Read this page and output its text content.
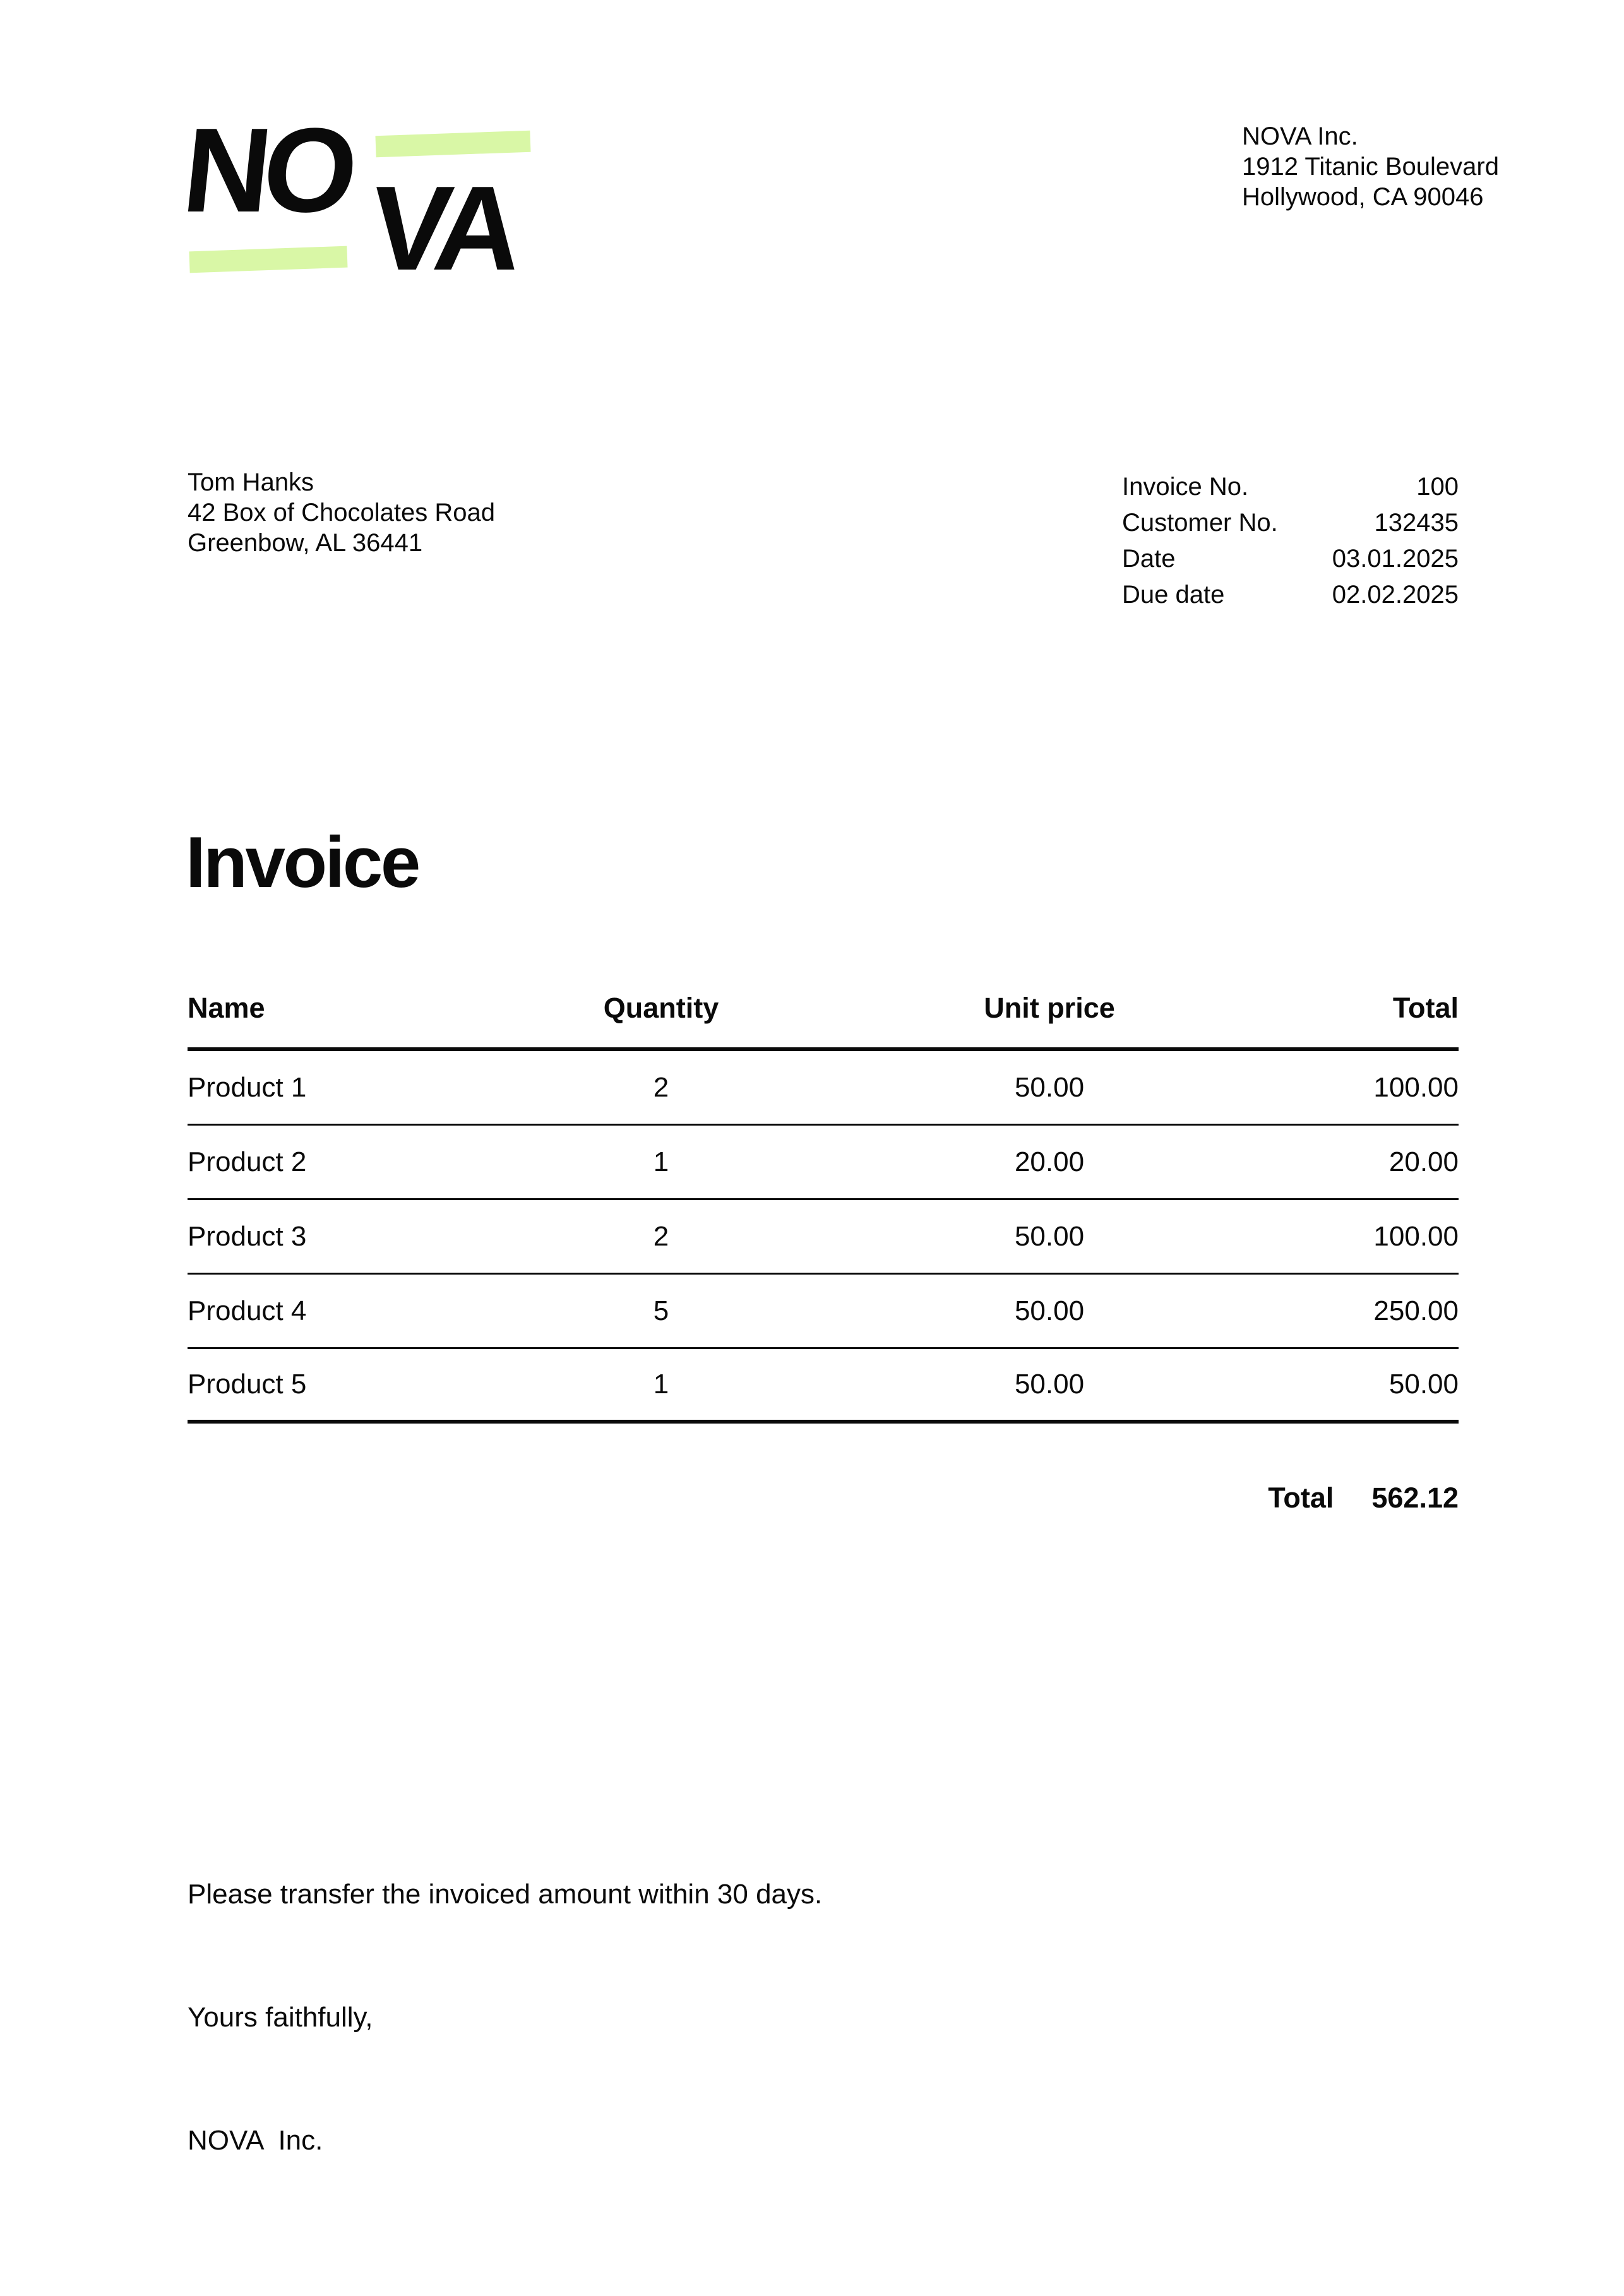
NO VA
NOVA Inc.
1912 Titanic Boulevard
Hollywood, CA 90046
Tom Hanks
42 Box of Chocolates Road
Greenbow, AL 36441
Invoice No.	100
Customer No.	132435
Date	03.01.2025
Due date	02.02.2025
Invoice
Name	Quantity	Unit price	Total
Product 1	2	50.00	100.00
Product 2	1	20.00	20.00
Product 3	2	50.00	100.00
Product 4	5	50.00	250.00
Product 5	1	50.00	50.00
Total 562.12

Please transfer the invoiced amount within 30 days.

Yours faithfully,

NOVA  Inc.
